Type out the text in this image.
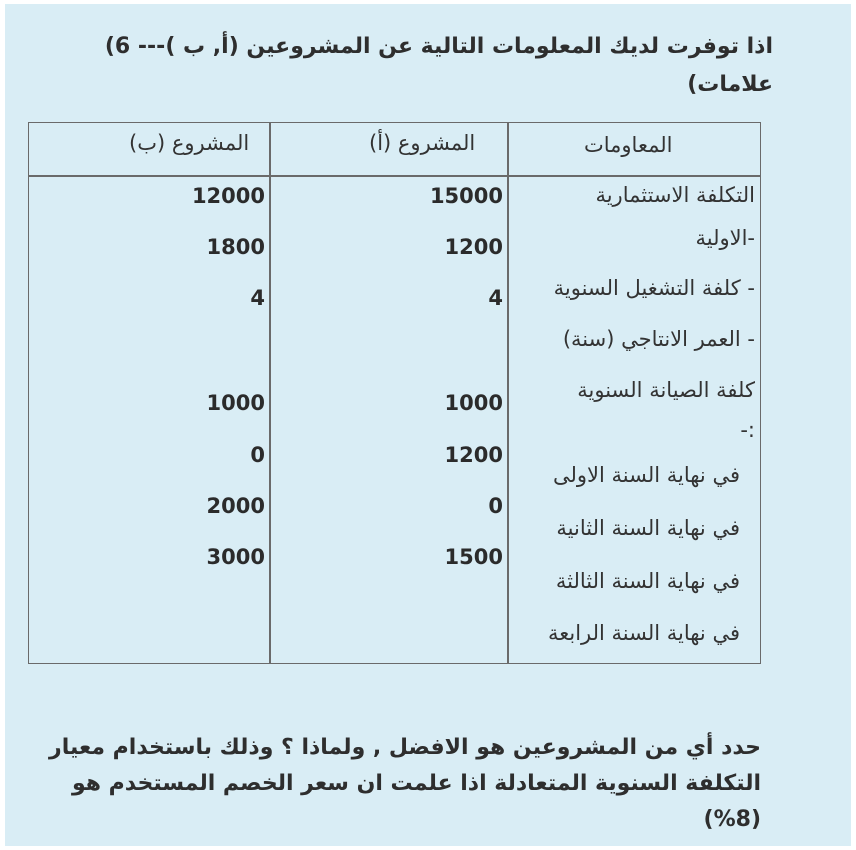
اذا توفرت لديك المعلومات التالية عن المشروعين (أ, ب )--- (6
علامات)
المعاومات
المشروع (أ)
المشروع (ب)
التكلفة الاستثمارية
-الاولية
- كلفة التشغيل السنوية
- العمر الانتاجي (سنة)
كلفة الصيانة السنوية
:-
في نهاية السنة الاولى
في نهاية السنة الثانية
في نهاية السنة الثالثة
في نهاية السنة الرابعة
15000
1200
4
1000
1200
0
1500
12000
1800
4
1000
0
2000
3000
حدد أي من المشروعين هو الافضل , ولماذا ؟ وذلك باستخدام معيار
التكلفة السنوية المتعادلة اذا علمت ان سعر الخصم المستخدم هو
(%8)
